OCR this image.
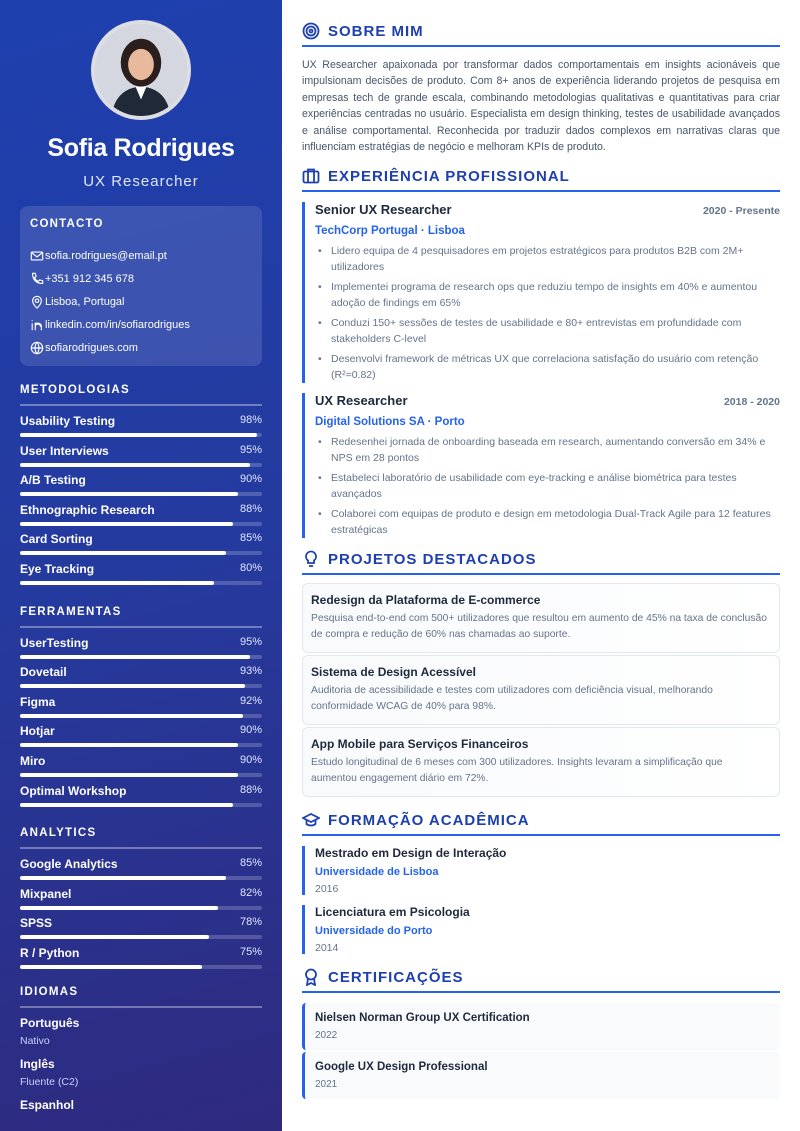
Sofia Rodrigues
UX Researcher
CONTACTO
sofia.rodrigues@email.pt
+351 912 345 678
Lisboa, Portugal
linkedin.com/in/sofiarodrigues
sofiarodrigues.com
METODOLOGIAS
Usability Testing	98%
User Interviews	95%
A/B Testing	90%
Ethnographic Research	88%
Card Sorting	85%
Eye Tracking	80%
FERRAMENTAS
UserTesting	95%
Dovetail	93%
Figma	92%
Hotjar	90%
Miro	90%
Optimal Workshop	88%
ANALYTICS
Google Analytics	85%
Mixpanel	82%
SPSS	78%
R / Python	75%
IDIOMAS
Português
Nativo
Inglês
Fluente (C2)
Espanhol
SOBRE MIM

UX Researcher apaixonada por transformar dados comportamentais em insights acionáveis que impulsionam decisões de produto. Com 8+ anos de experiência liderando projetos de pesquisa em empresas tech de grande escala, combinando metodologias qualitativas e quantitativas para criar experiências centradas no usuário. Especialista em design thinking, testes de usabilidade avançados e análise comportamental. Reconhecida por traduzir dados complexos em narrativas claras que influenciam estratégias de negócio e melhoram KPIs de produto.

EXPERIÊNCIA PROFISSIONAL
Senior UX Researcher	2020 - Presente
TechCorp Portugal · Lisboa
• Lidero equipa de 4 pesquisadores em projetos estratégicos para produtos B2B com 2M+ utilizadores
• Implementei programa de research ops que reduziu tempo de insights em 40% e aumentou adoção de findings em 65%
• Conduzi 150+ sessões de testes de usabilidade e 80+ entrevistas em profundidade com stakeholders C-level
• Desenvolvi framework de métricas UX que correlaciona satisfação do usuário com retenção (R²=0.82)
UX Researcher	2018 - 2020
Digital Solutions SA · Porto
• Redesenhei jornada de onboarding baseada em research, aumentando conversão em 34% e NPS em 28 pontos
• Estabeleci laboratório de usabilidade com eye-tracking e análise biométrica para testes avançados
• Colaborei com equipas de produto e design em metodologia Dual-Track Agile para 12 features estratégicas
PROJETOS DESTACADOS
Redesign da Plataforma de E-commerce

Pesquisa end-to-end com 500+ utilizadores que resultou em aumento de 45% na taxa de conclusão de compra e redução de 60% nas chamadas ao suporte.

Sistema de Design Acessível

Auditoria de acessibilidade e testes com utilizadores com deficiência visual, melhorando conformidade WCAG de 40% para 98%.

App Mobile para Serviços Financeiros

Estudo longitudinal de 6 meses com 300 utilizadores. Insights levaram a simplificação que aumentou engagement diário em 72%.

FORMAÇÃO ACADÊMICA
Mestrado em Design de Interação
Universidade de Lisboa
2016
Licenciatura em Psicologia
Universidade do Porto
2014
CERTIFICAÇÕES
Nielsen Norman Group UX Certification
2022
Google UX Design Professional
2021
